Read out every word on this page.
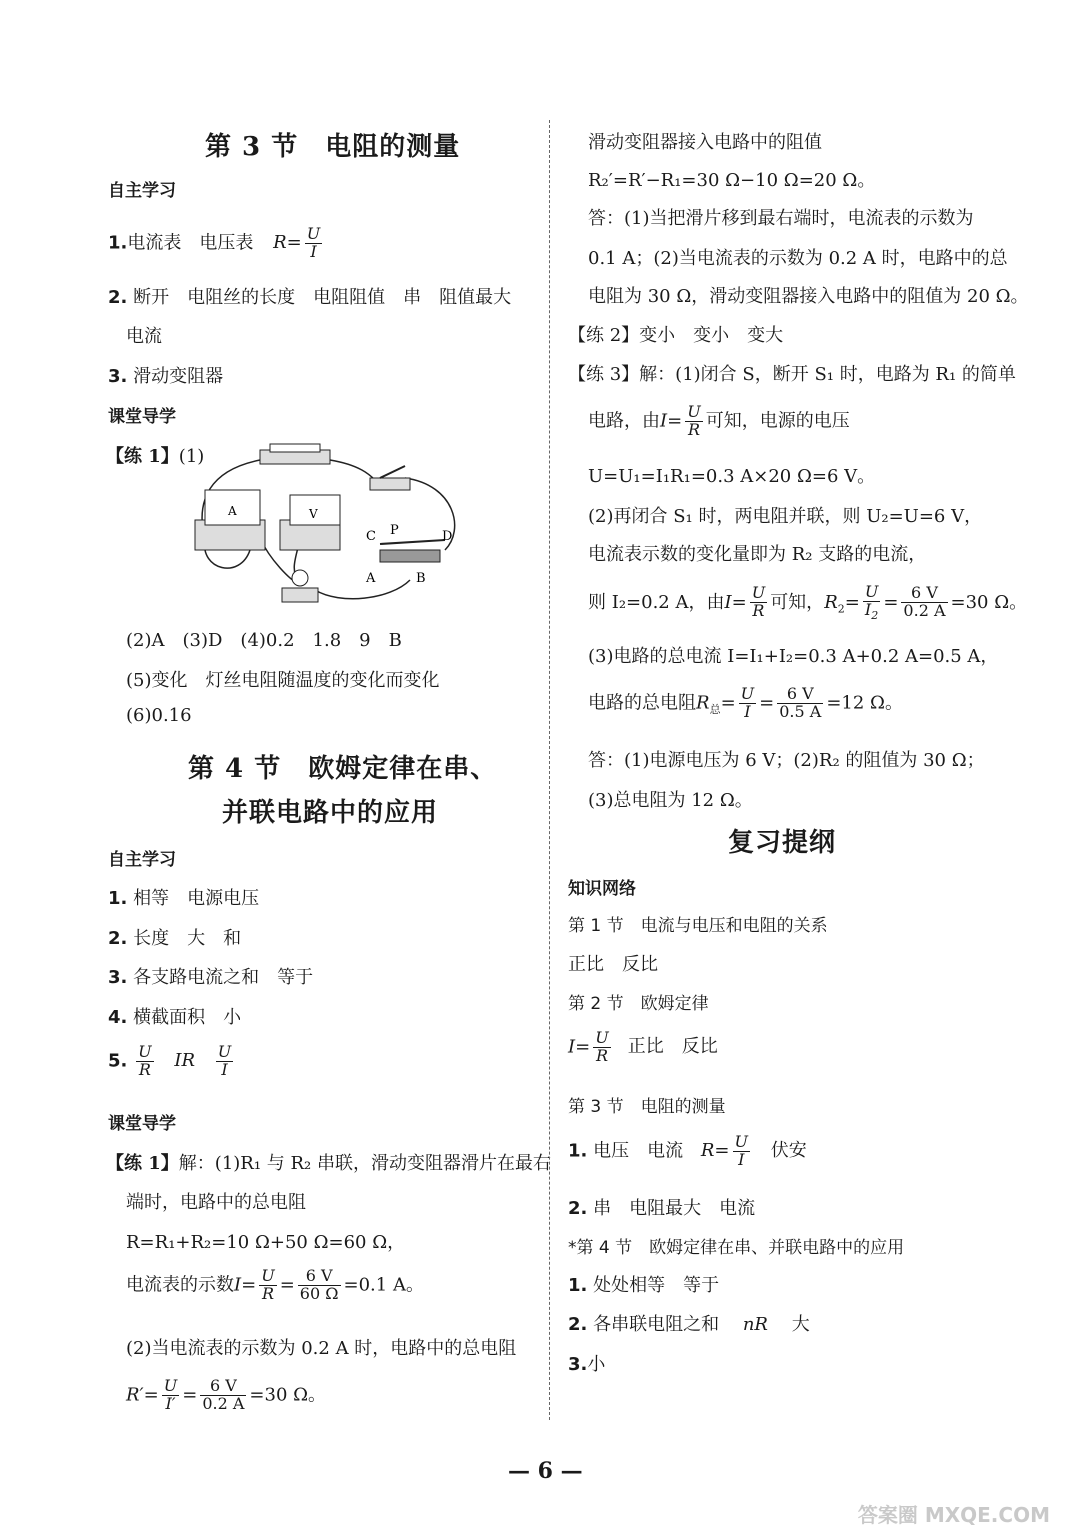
第 3 节　电阻的测量
自主学习
1.电流表　电压表 $R= \frac{U}{I}$
2. 断开　电阻丝的长度　电阻阻值　串　阻值最大
电流
3. 滑动变阻器
课堂导学
【练 1】(1)
A	V
C P	D
A	B
(2)A　(3)D　(4)0.2　1.8　9　B
(5)变化　灯丝电阻随温度的变化而变化
(6)0.16
第 4 节　欧姆定律在串、
并联电路中的应用
自主学习
1. 相等　电源电压
2. 长度　大　和
3. 各支路电流之和　等于
4. 横截面积　小
5. $\frac{U}{R}$ IR $\frac{U}{I}$
课堂导学
【练 1】解：(1)R₁ 与 R₂ 串联，滑动变阻器滑片在最右
端时，电路中的总电阻
R=R₁+R₂=10 Ω+50 Ω=60 Ω，
电流表的示数$I= \frac{U}{R} = \frac{6 V}{60 \Omega} =0.1$ A。
(2)当电流表的示数为 0.2 A 时，电路中的总电阻
$R'= \frac{U}{I'} = \frac{6 V}{0.2 A} =30$ Ω。
滑动变阻器接入电路中的阻值
R₂′=R′−R₁=30 Ω−10 Ω=20 Ω。
答：(1)当把滑片移到最右端时，电流表的示数为
0.1 A；(2)当电流表的示数为 0.2 A 时，电路中的总
电阻为 30 Ω，滑动变阻器接入电路中的阻值为 20 Ω。
【练 2】变小　变小　变大
【练 3】解：(1)闭合 S，断开 S₁ 时，电路为 R₁ 的简单
电路，由$I= \frac{U}{R}$ 可知，电源的电压
U=U₁=I₁R₁=0.3 A×20 Ω=6 V。
(2)再闭合 S₁ 时，两电阻并联，则 U₂=U=6 V，
电流表示数的变化量即为 R₂ 支路的电流，
则 I₂=0.2 A，由$I= \frac{U}{R}$ 可知，$R_2= \frac{U}{I_2} = \frac{6 V}{0.2 A} =30$ Ω。
(3)电路的总电流 I=I₁+I₂=0.3 A+0.2 A=0.5 A，
电路的总电阻$R_总= \frac{U}{I} = \frac{6 V}{0.5 A} =12$ Ω。
答：(1)电源电压为 6 V；(2)R₂ 的阻值为 30 Ω；
(3)总电阻为 12 Ω。
复习提纲
知识网络
第 1 节　电流与电压和电阻的关系
正比　反比
第 2 节　欧姆定律
$I= \frac{U}{R}$ 正比　反比
第 3 节　电阻的测量
1. 电压　电流 $R= \frac{U}{I}$ 伏安
2. 串　电阻最大　电流
*第 4 节　欧姆定律在串、并联电路中的应用
1. 处处相等　等于
2. 各串联电阻之和 nR 大
3.小
— 6 —
答案圈 MXQE.COM
